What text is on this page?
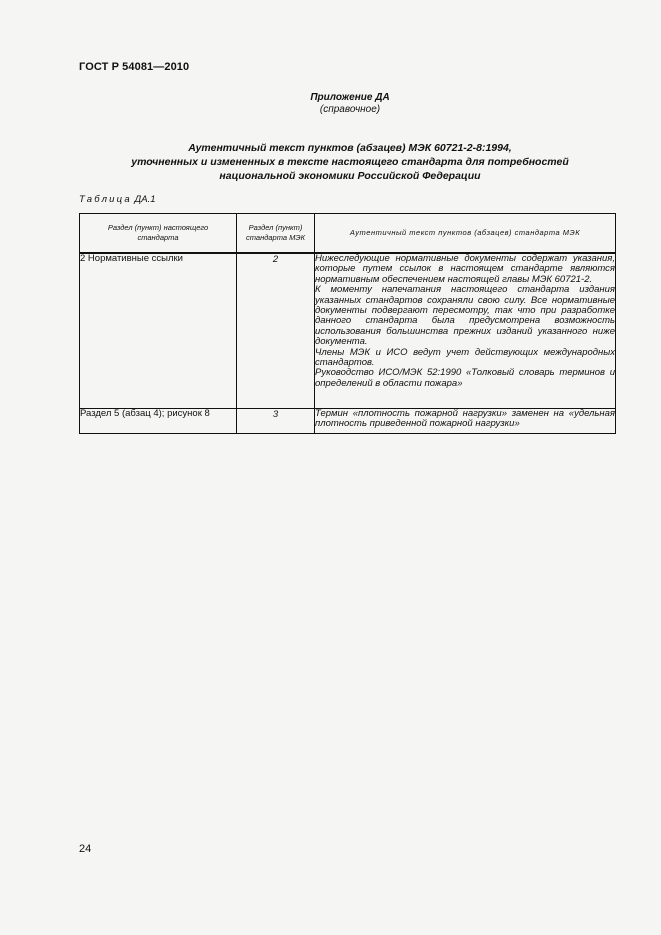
ГОСТ Р 54081—2010
Приложение ДА
(справочное)
Аутентичный текст пунктов (абзацев) МЭК 60721-2-8:1994,
уточненных и измененных в тексте настоящего стандарта для потребностей
национальной экономики Российской Федерации
Таблица ДА.1
Раздел (пункт) настоящего стандарта	Раздел (пункт) стандарта МЭК	Аутентичный текст пунктов (абзацев) стандарта МЭК
2 Нормативные ссылки	2	Нижеследующие нормативные документы содержат указания, которые путем ссылок в настоящем стандарте являются нормативным обеспечением настоящей главы МЭК 60721-2.
К моменту напечатания настоящего стандарта издания указанных стандартов сохраняли свою силу. Все нормативные документы подвергают пересмотру, так что при разработке данного стандарта была предусмотрена возможность использования большинства прежних изданий указанного ниже документа.
Члены МЭК и ИСО ведут учет действующих международных стандартов.
Руководство ИСО/МЭК 52:1990 «Толковый словарь терминов и определений в области пожара»

Раздел 5 (абзац 4); рисунок 8	3	Термин «плотность пожарной нагрузки» заменен на «удельная плотность приведенной пожарной нагрузки»
24
